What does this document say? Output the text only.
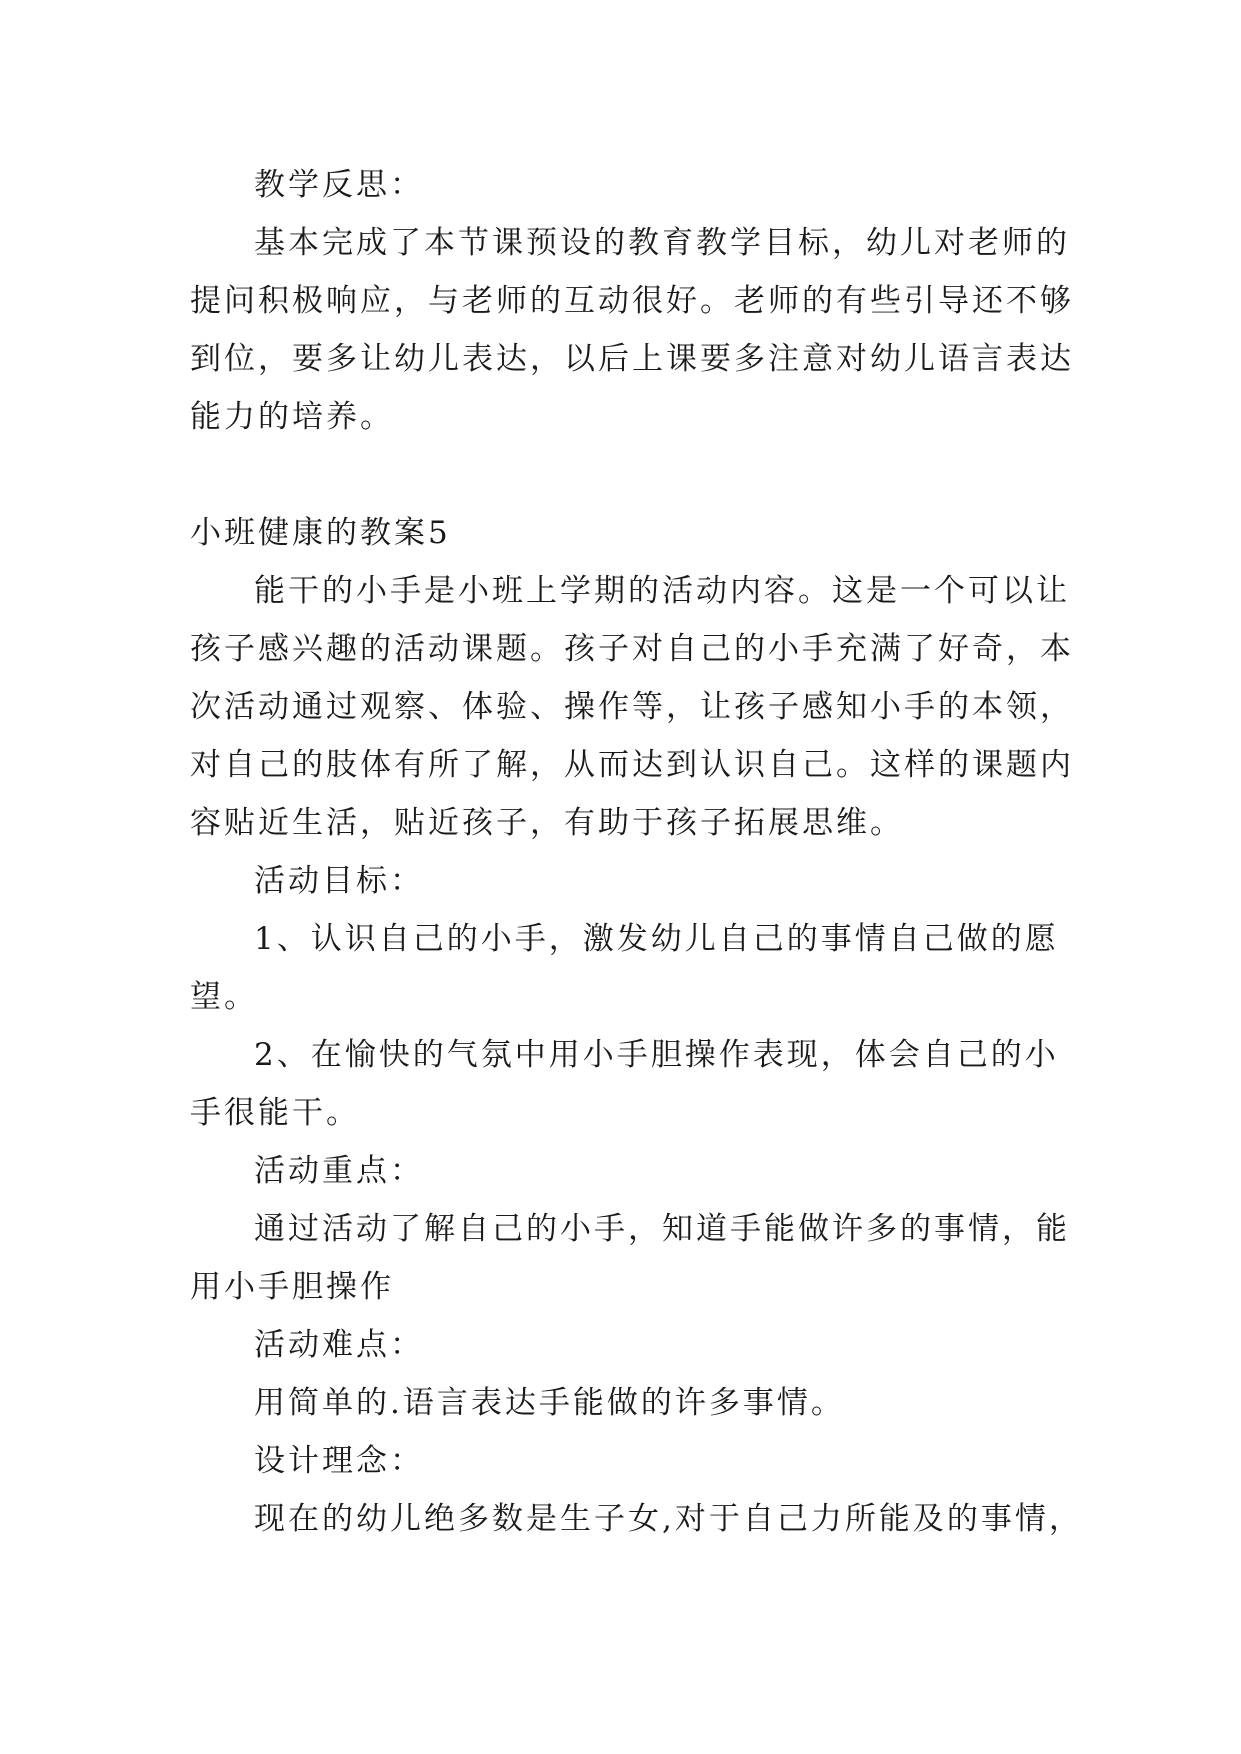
教学反思：
基本完成了本节课预设的教育教学目标，幼儿对老师的
提问积极响应，与老师的互动很好。老师的有些引导还不够
到位，要多让幼儿表达，以后上课要多注意对幼儿语言表达
能力的培养。
小班健康的教案5
能干的小手是小班上学期的活动内容。这是一个可以让
孩子感兴趣的活动课题。孩子对自己的小手充满了好奇，本
次活动通过观察、体验、操作等，让孩子感知小手的本领，
对自己的肢体有所了解，从而达到认识自己。这样的课题内
容贴近生活，贴近孩子，有助于孩子拓展思维。
活动目标：
1、认识自己的小手，激发幼儿自己的事情自己做的愿
望。
2、在愉快的气氛中用小手胆操作表现，体会自己的小
手很能干。
活动重点：
通过活动了解自己的小手，知道手能做许多的事情，能
用小手胆操作
活动难点：
用简单的.语言表达手能做的许多事情。
设计理念：
现在的幼儿绝多数是生子女,对于自己力所能及的事情，
